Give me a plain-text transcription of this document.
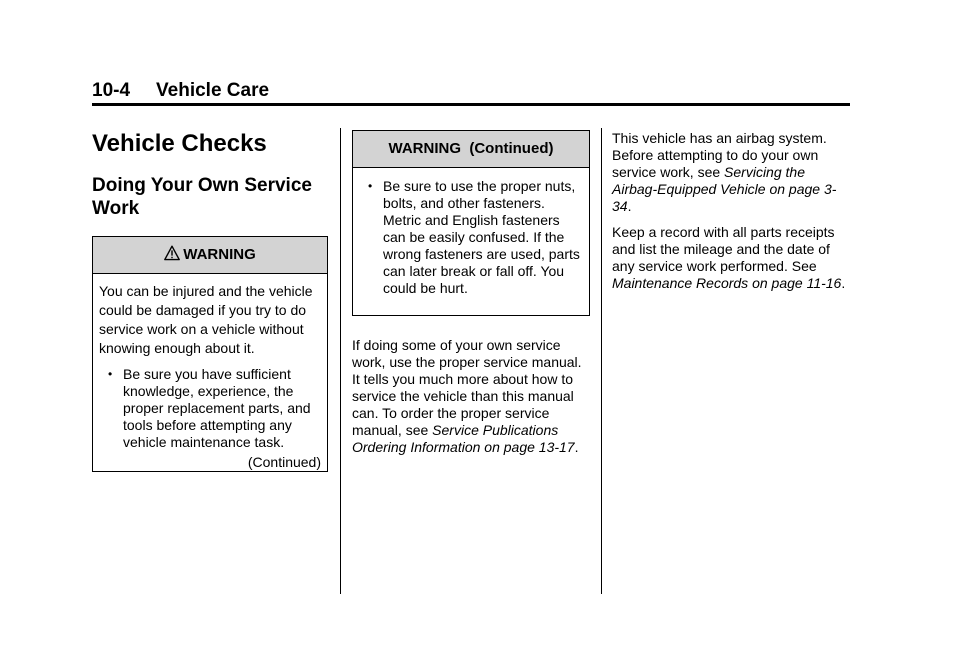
10-4 Vehicle Care
Vehicle Checks
Doing Your Own Service Work
WARNING
You can be injured and the vehicle could be damaged if you try to do service work on a vehicle without knowing enough about it.
• Be sure you have sufficient knowledge, experience, the proper replacement parts, and tools before attempting any vehicle maintenance task.
(Continued)
WARNING  (Continued)
• Be sure to use the proper nuts, bolts, and other fasteners. Metric and English fasteners can be easily confused. If the wrong fasteners are used, parts can later break or fall off. You could be hurt.

If doing some of your own service work, use the proper service manual. It tells you much more about how to service the vehicle than this manual can. To order the proper service manual, see Service Publications Ordering Information on page 13-17.

This vehicle has an airbag system. Before attempting to do your own service work, see Servicing the Airbag-Equipped Vehicle on page 3-34.

Keep a record with all parts receipts and list the mileage and the date of any service work performed. See Maintenance Records on page 11-16.
